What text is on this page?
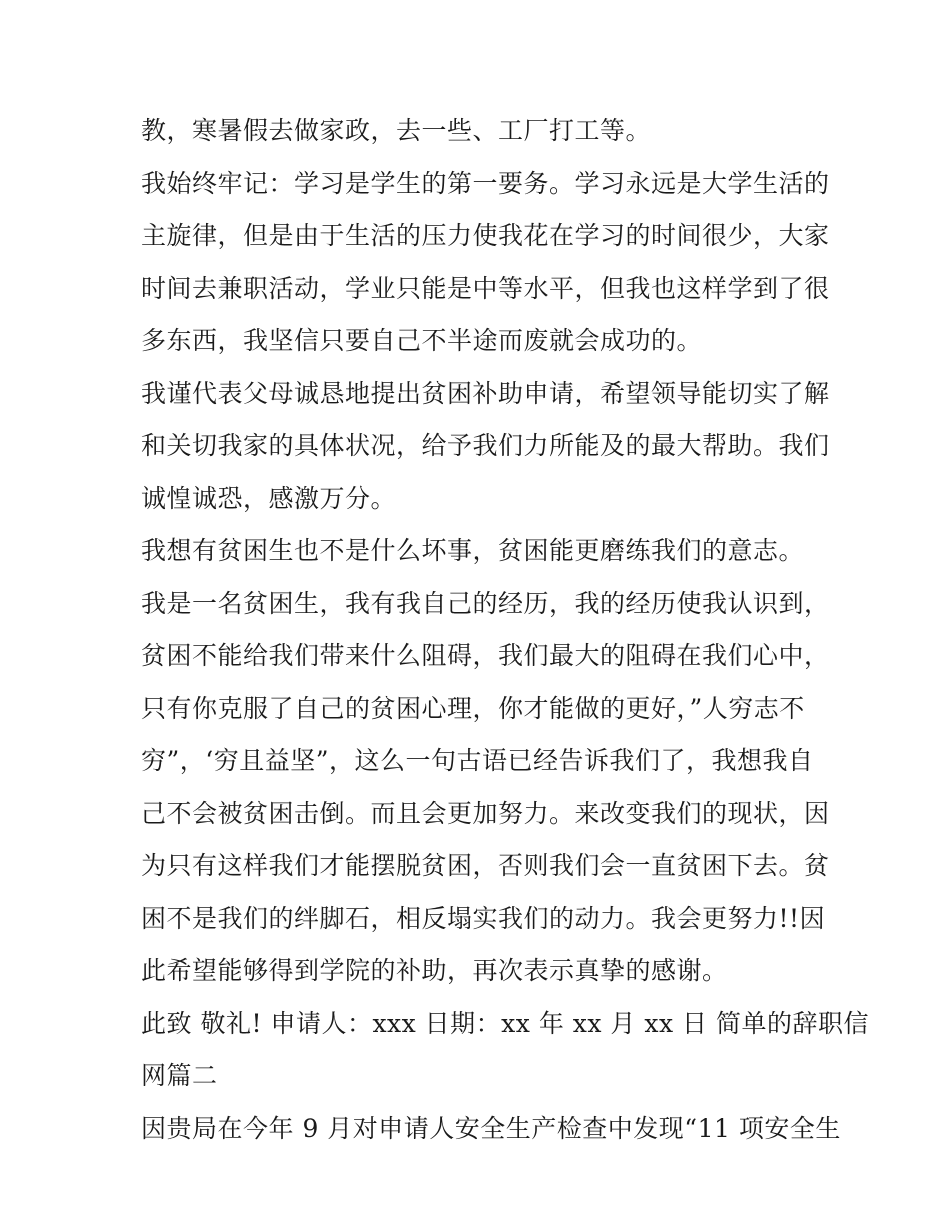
教，寒暑假去做家政，去一些、工厂打工等。
我始终牢记：学习是学生的第一要务。学习永远是大学生活的
主旋律，但是由于生活的压力使我花在学习的时间很少，大家
时间去兼职活动，学业只能是中等水平，但我也这样学到了很
多东西，我坚信只要自己不半途而废就会成功的。
我谨代表父母诚恳地提出贫困补助申请，希望领导能切实了解
和关切我家的具体状况，给予我们力所能及的最大帮助。我们
诚惶诚恐，感激万分。
我想有贫困生也不是什么坏事，贫困能更磨练我们的意志。
我是一名贫困生，我有我自己的经历，我的经历使我认识到，
贫困不能给我们带来什么阻碍，我们最大的阻碍在我们心中，
只有你克服了自己的贫困心理，你才能做的更好，”人穷志不
穷”，‘穷且益坚”，这么一句古语已经告诉我们了，我想我自
己不会被贫困击倒。而且会更加努力。来改变我们的现状，因
为只有这样我们才能摆脱贫困，否则我们会一直贫困下去。贫
困不是我们的绊脚石，相反塌实我们的动力。我会更努力!!因
此希望能够得到学院的补助，再次表示真挚的感谢。
此致 敬礼! 申请人：xxx 日期：xx 年 xx 月 xx 日 简单的辞职信
网篇二
因贵局在今年 9 月对申请人安全生产检查中发现“11 项安全生
